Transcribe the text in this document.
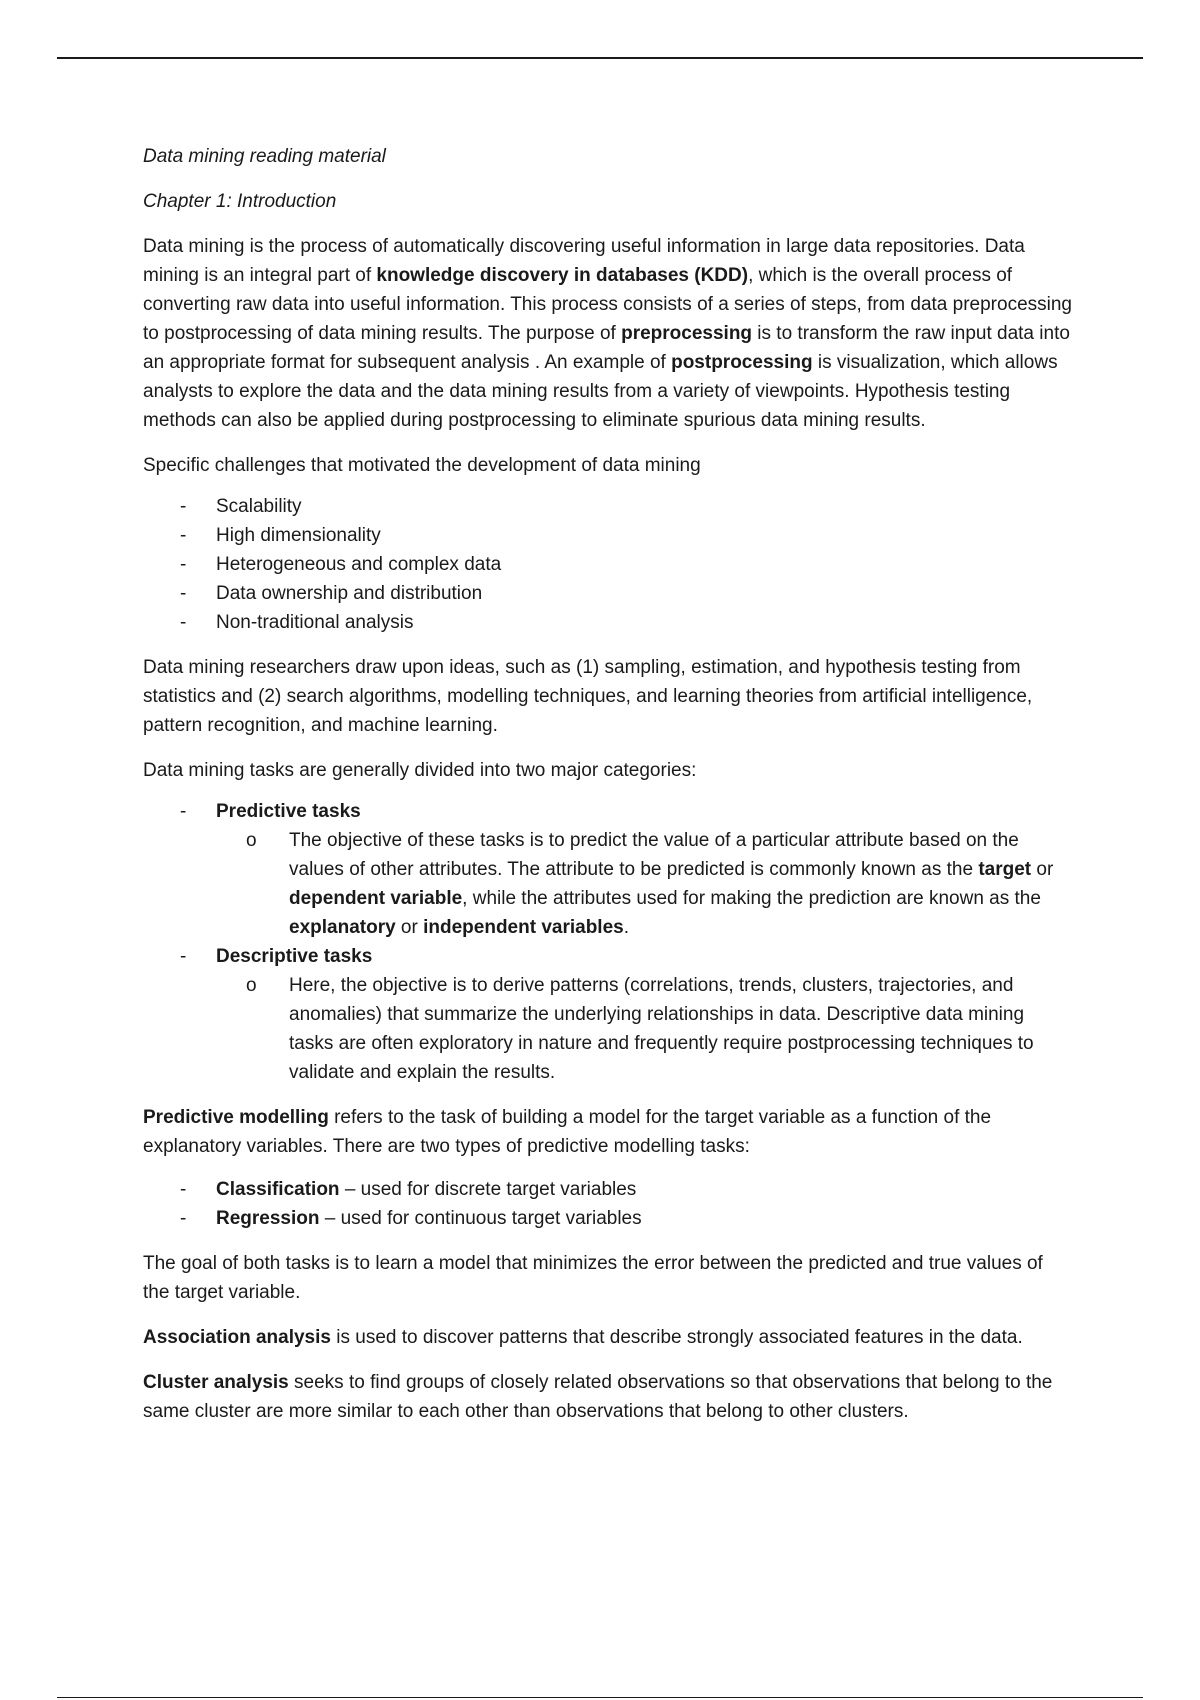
Data mining reading material

Chapter 1: Introduction

Data mining is the process of automatically discovering useful information in large data repositories. Data mining is an integral part of knowledge discovery in databases (KDD), which is the overall process of converting raw data into useful information. This process consists of a series of steps, from data preprocessing to postprocessing of data mining results. The purpose of preprocessing is to transform the raw input data into an appropriate format for subsequent analysis . An example of postprocessing is visualization, which allows analysts to explore the data and the data mining results from a variety of viewpoints. Hypothesis testing methods can also be applied during postprocessing to eliminate spurious data mining results.

Specific challenges that motivated the development of data mining

- Scalability
- High dimensionality
- Heterogeneous and complex data
- Data ownership and distribution
- Non-traditional analysis

Data mining researchers draw upon ideas, such as (1) sampling, estimation, and hypothesis testing from statistics and (2) search algorithms, modelling techniques, and learning theories from artificial intelligence, pattern recognition, and machine learning.

Data mining tasks are generally divided into two major categories:

- Predictive tasks
o The objective of these tasks is to predict the value of a particular attribute based on the values of other attributes. The attribute to be predicted is commonly known as the target or dependent variable, while the attributes used for making the prediction are known as the explanatory or independent variables.
- Descriptive tasks
o Here, the objective is to derive patterns (correlations, trends, clusters, trajectories, and anomalies) that summarize the underlying relationships in data. Descriptive data mining tasks are often exploratory in nature and frequently require postprocessing techniques to validate and explain the results.

Predictive modelling refers to the task of building a model for the target variable as a function of the explanatory variables. There are two types of predictive modelling tasks:

- Classification – used for discrete target variables
- Regression – used for continuous target variables

The goal of both tasks is to learn a model that minimizes the error between the predicted and true values of the target variable.

Association analysis is used to discover patterns that describe strongly associated features in the data.

Cluster analysis seeks to find groups of closely related observations so that observations that belong to the same cluster are more similar to each other than observations that belong to other clusters.
